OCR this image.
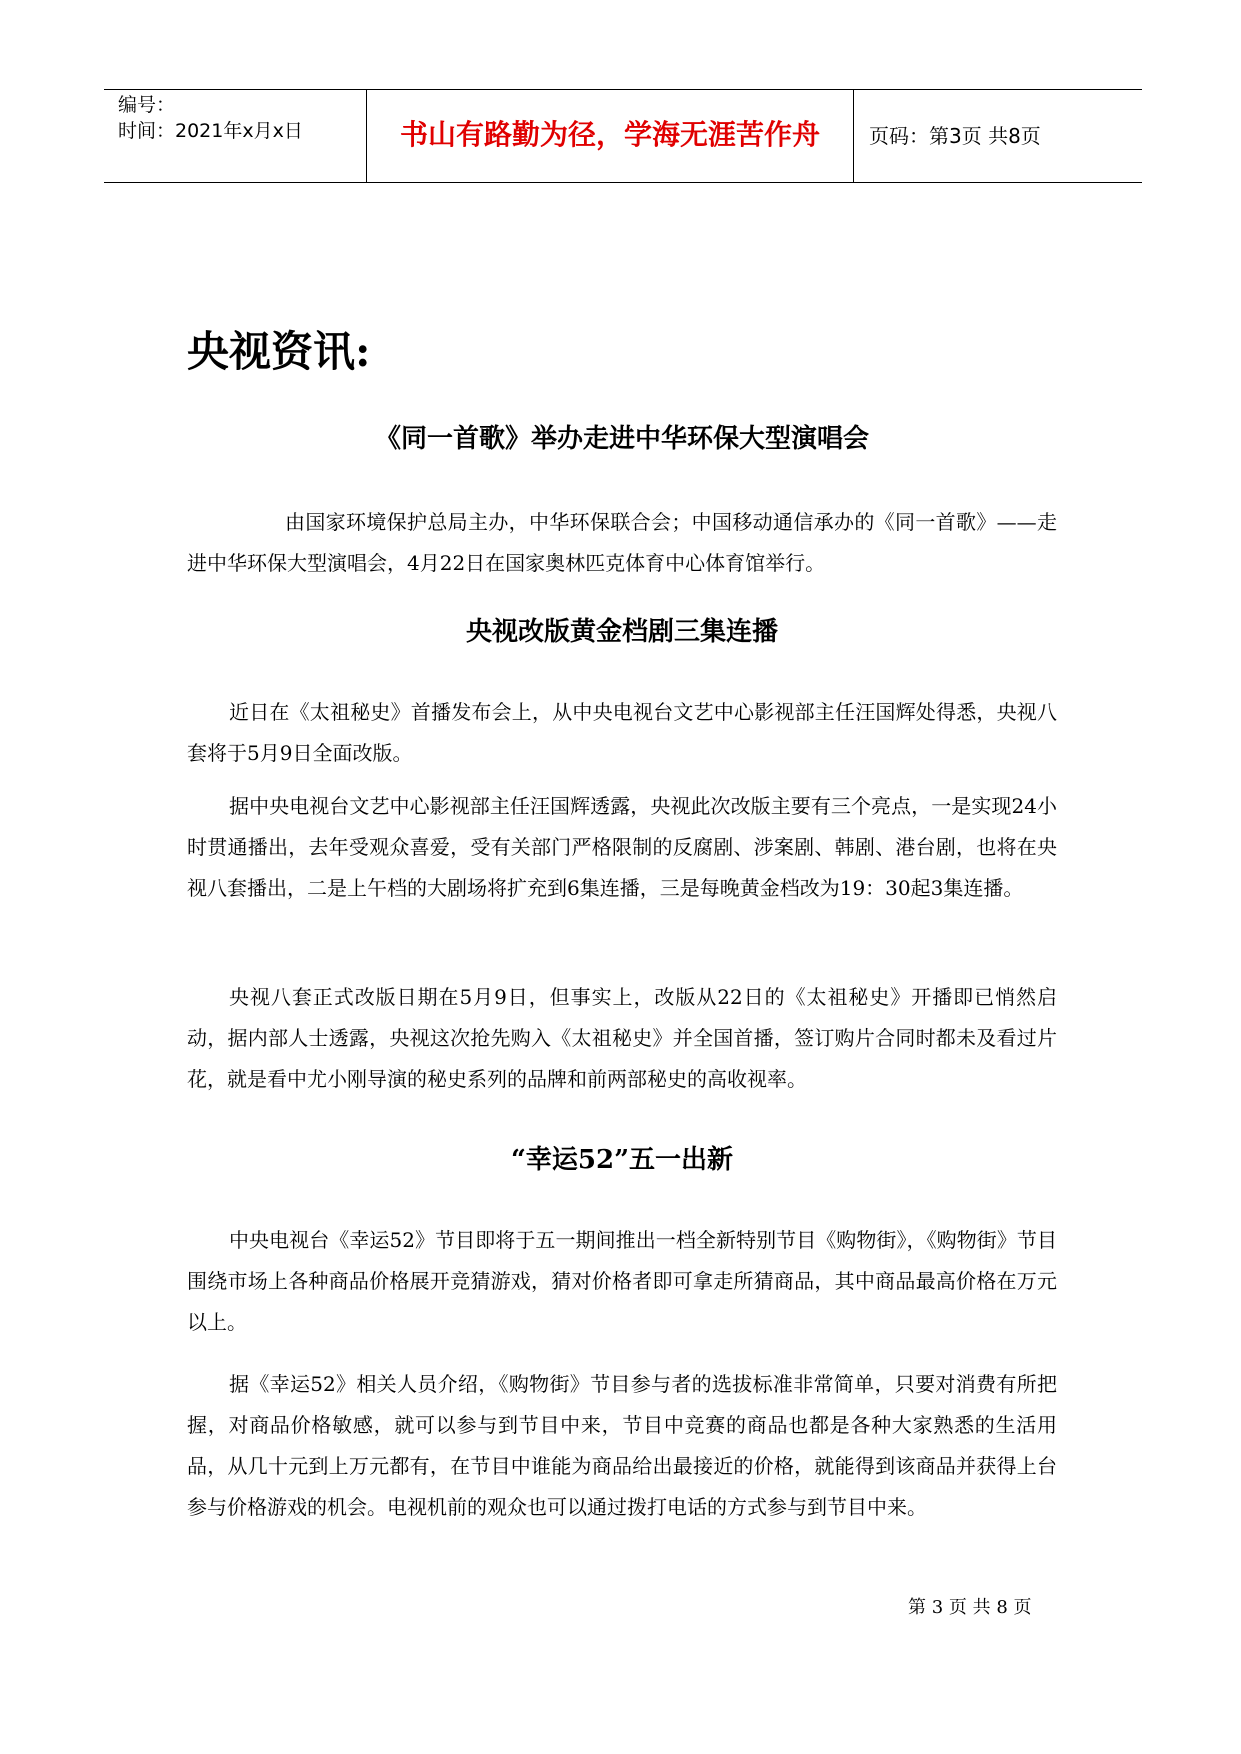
编号：
时间：2021年x月x日	书山有路勤为径，学海无涯苦作舟	页码：第3页 共8页
央视资讯:
《同一首歌》举办走进中华环保大型演唱会

由国家环境保护总局主办，中华环保联合会；中国移动通信承办的《同一首歌》——走进中华环保大型演唱会，4月22日在国家奥林匹克体育中心体育馆举行。

央视改版黄金档剧三集连播

近日在《太祖秘史》首播发布会上，从中央电视台文艺中心影视部主任汪国辉处得悉，央视八套将于5月9日全面改版。

据中央电视台文艺中心影视部主任汪国辉透露，央视此次改版主要有三个亮点，一是实现24小时贯通播出，去年受观众喜爱，受有关部门严格限制的反腐剧、涉案剧、韩剧、港台剧，也将在央视八套播出，二是上午档的大剧场将扩充到6集连播，三是每晚黄金档改为19：30起3集连播。

央视八套正式改版日期在5月9日，但事实上，改版从22日的《太祖秘史》开播即已悄然启动，据内部人士透露，央视这次抢先购入《太祖秘史》并全国首播，签订购片合同时都未及看过片花，就是看中尤小刚导演的秘史系列的品牌和前两部秘史的高收视率。

“幸运52”五一出新

中央电视台《幸运52》节目即将于五一期间推出一档全新特别节目《购物街》，《购物街》节目围绕市场上各种商品价格展开竞猜游戏，猜对价格者即可拿走所猜商品，其中商品最高价格在万元以上。

据《幸运52》相关人员介绍，《购物街》节目参与者的选拔标准非常简单，只要对消费有所把握，对商品价格敏感，就可以参与到节目中来，节目中竞赛的商品也都是各种大家熟悉的生活用品，从几十元到上万元都有，在节目中谁能为商品给出最接近的价格，就能得到该商品并获得上台参与价格游戏的机会。电视机前的观众也可以通过拨打电话的方式参与到节目中来。

第 3 页 共 8 页
